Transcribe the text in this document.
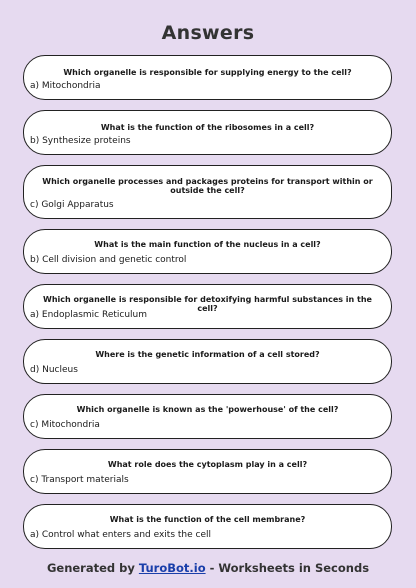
Answers
Which organelle is responsible for supplying energy to the cell?
a) Mitochondria
What is the function of the ribosomes in a cell?
b) Synthesize proteins
Which organelle processes and packages proteins for transport within or outside the cell?
c) Golgi Apparatus
What is the main function of the nucleus in a cell?
b) Cell division and genetic control
Which organelle is responsible for detoxifying harmful substances in the cell?
a) Endoplasmic Reticulum
Where is the genetic information of a cell stored?
d) Nucleus
Which organelle is known as the 'powerhouse' of the cell?
c) Mitochondria
What role does the cytoplasm play in a cell?
c) Transport materials
What is the function of the cell membrane?
a) Control what enters and exits the cell
Generated by TuroBot.io - Worksheets in Seconds
